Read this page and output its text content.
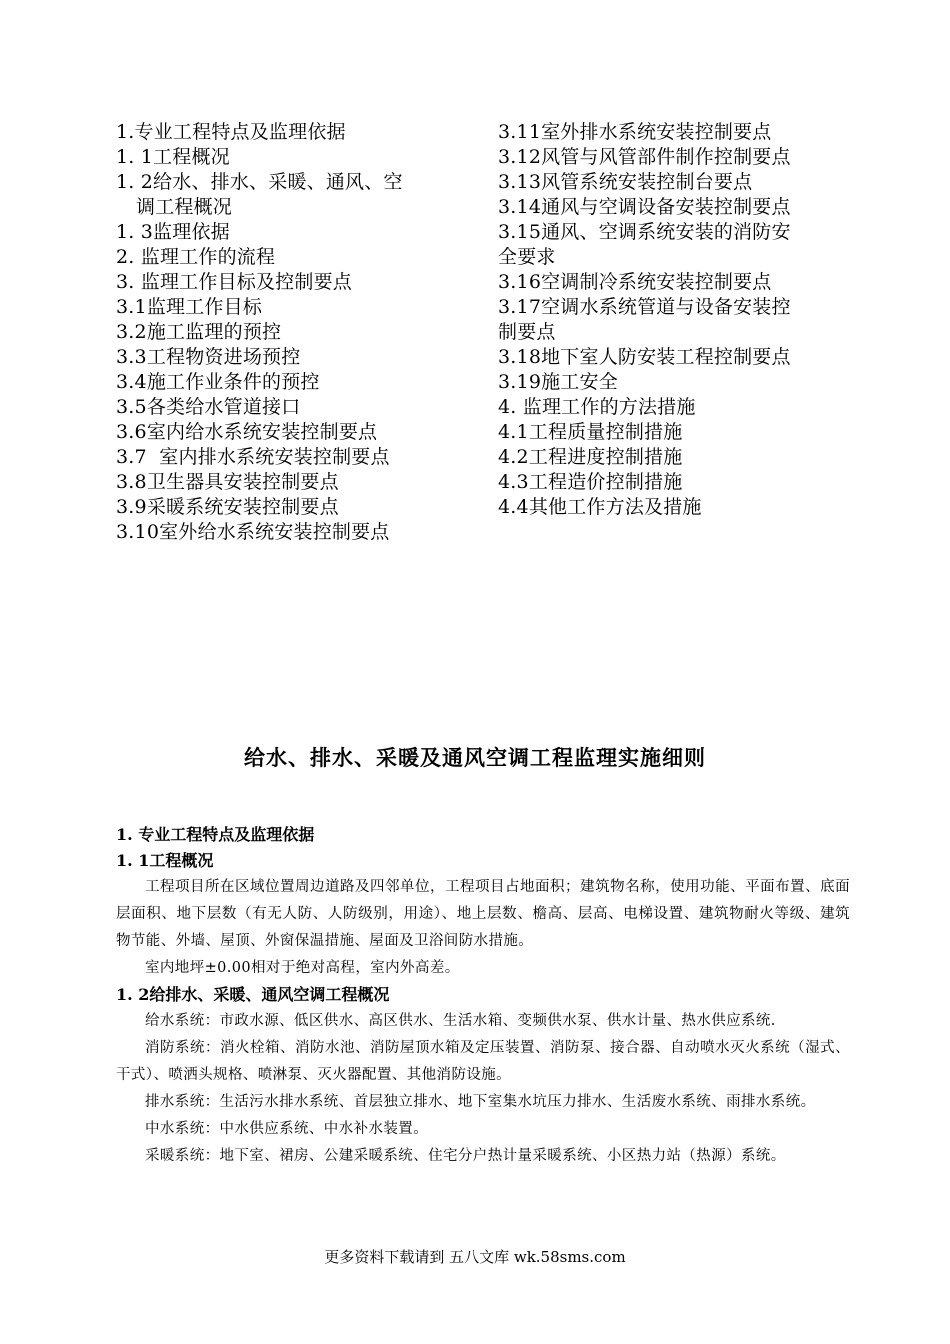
1.专业工程特点及监理依据
1. 1工程概况
1. 2给水、排水、采暖、通风、空
调工程概况
1. 3监理依据
2. 监理工作的流程
3. 监理工作目标及控制要点
3.1监理工作目标
3.2施工监理的预控
3.3工程物资进场预控
3.4施工作业条件的预控
3.5各类给水管道接口
3.6室内给水系统安装控制要点
3.7  室内排水系统安装控制要点
3.8卫生器具安装控制要点
3.9采暖系统安装控制要点
3.10室外给水系统安装控制要点
3.11室外排水系统安装控制要点
3.12风管与风管部件制作控制要点
3.13风管系统安装控制台要点
3.14通风与空调设备安装控制要点
3.15通风、空调系统安装的消防安
全要求
3.16空调制冷系统安装控制要点
3.17空调水系统管道与设备安装控
制要点
3.18地下室人防安装工程控制要点
3.19施工安全
4. 监理工作的方法措施
4.1工程质量控制措施
4.2工程进度控制措施
4.3工程造价控制措施
4.4其他工作方法及措施
给水、排水、采暖及通风空调工程监理实施细则
1. 专业工程特点及监理依据
1. 1工程概况
工程项目所在区域位置周边道路及四邻单位，工程项目占地面积；建筑物名称，使用功能、平面布置、底面层面积、地下层数（有无人防、人防级别，用途）、地上层数、檐高、层高、电梯设置、建筑物耐火等级、建筑物节能、外墙、屋顶、外窗保温措施、屋面及卫浴间防水措施。
室内地坪±0.00相对于绝对高程，室内外高差。
1. 2给排水、采暖、通风空调工程概况
给水系统：市政水源、低区供水、高区供水、生活水箱、变频供水泵、供水计量、热水供应系统.
消防系统：消火栓箱、消防水池、消防屋顶水箱及定压装置、消防泵、接合器、自动喷水灭火系统（湿式、干式）、喷洒头规格、喷淋泵、灭火器配置、其他消防设施。
排水系统：生活污水排水系统、首层独立排水、地下室集水坑压力排水、生活废水系统、雨排水系统。
中水系统：中水供应系统、中水补水装置。
采暖系统：地下室、裙房、公建采暖系统、住宅分户热计量采暖系统、小区热力站（热源）系统。
更多资料下载请到 五八文库 wk.58sms.com
